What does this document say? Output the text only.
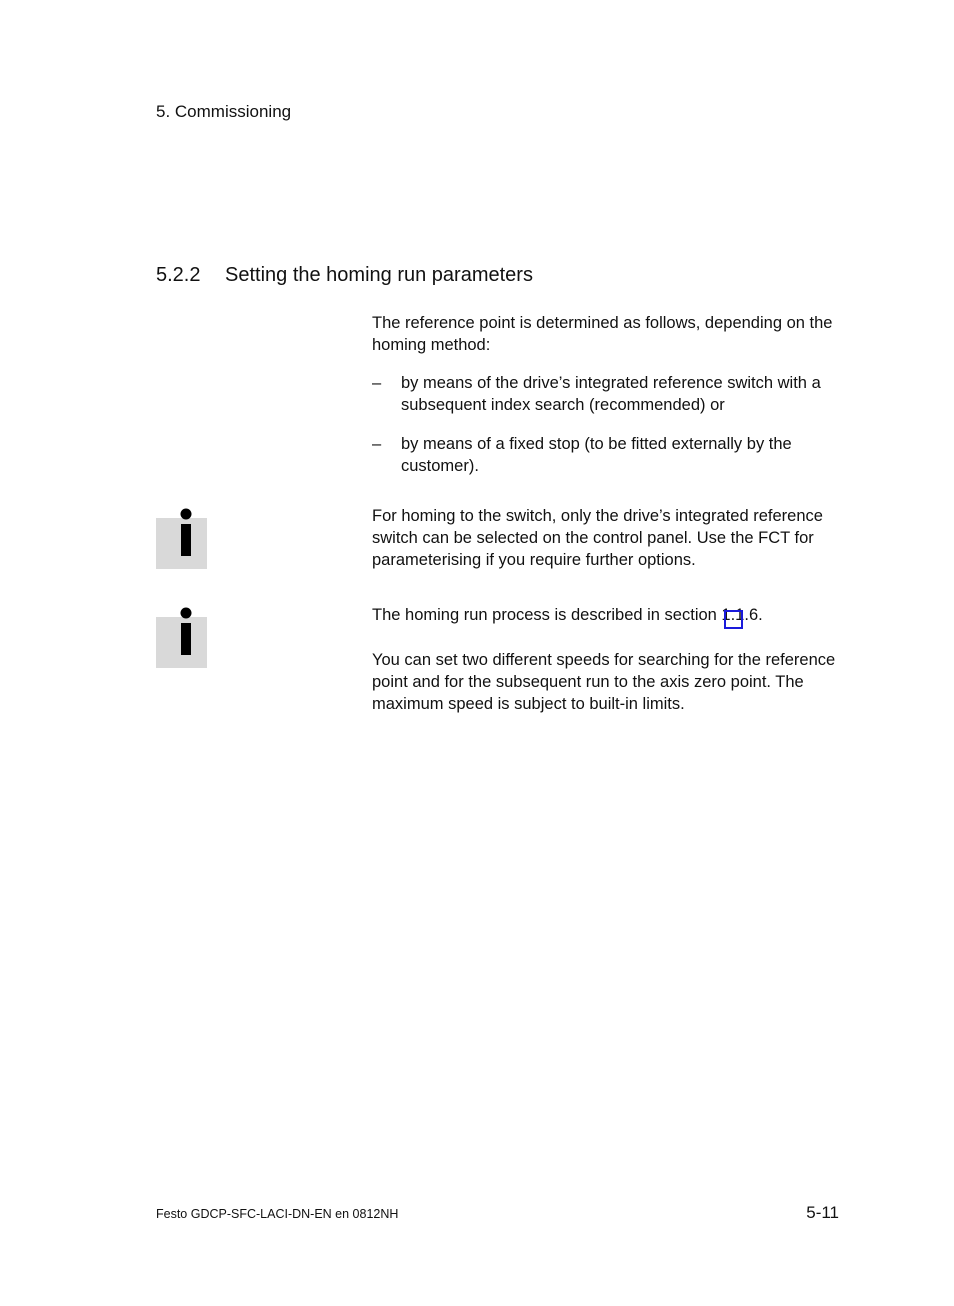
5. Commissioning
5.2.2 Setting the homing run parameters

The reference point is determined as follows, depending on the homing method:

– by means of the drive’s integrated reference switch with a subsequent index search (recommended) or
– by means of a fixed stop (to be fitted externally by the customer).

For homing to the switch, only the drive’s integrated reference switch can be selected on the control panel. Use the FCT for parameterising if you require further options.

The homing run process is described in section 1.1.6.

You can set two different speeds for searching for the reference point and for the subsequent run to the axis zero point. The maximum speed is subject to built-in limits.

Festo GDCP-SFC-LACI-DN-EN en 0812NH	5-11
